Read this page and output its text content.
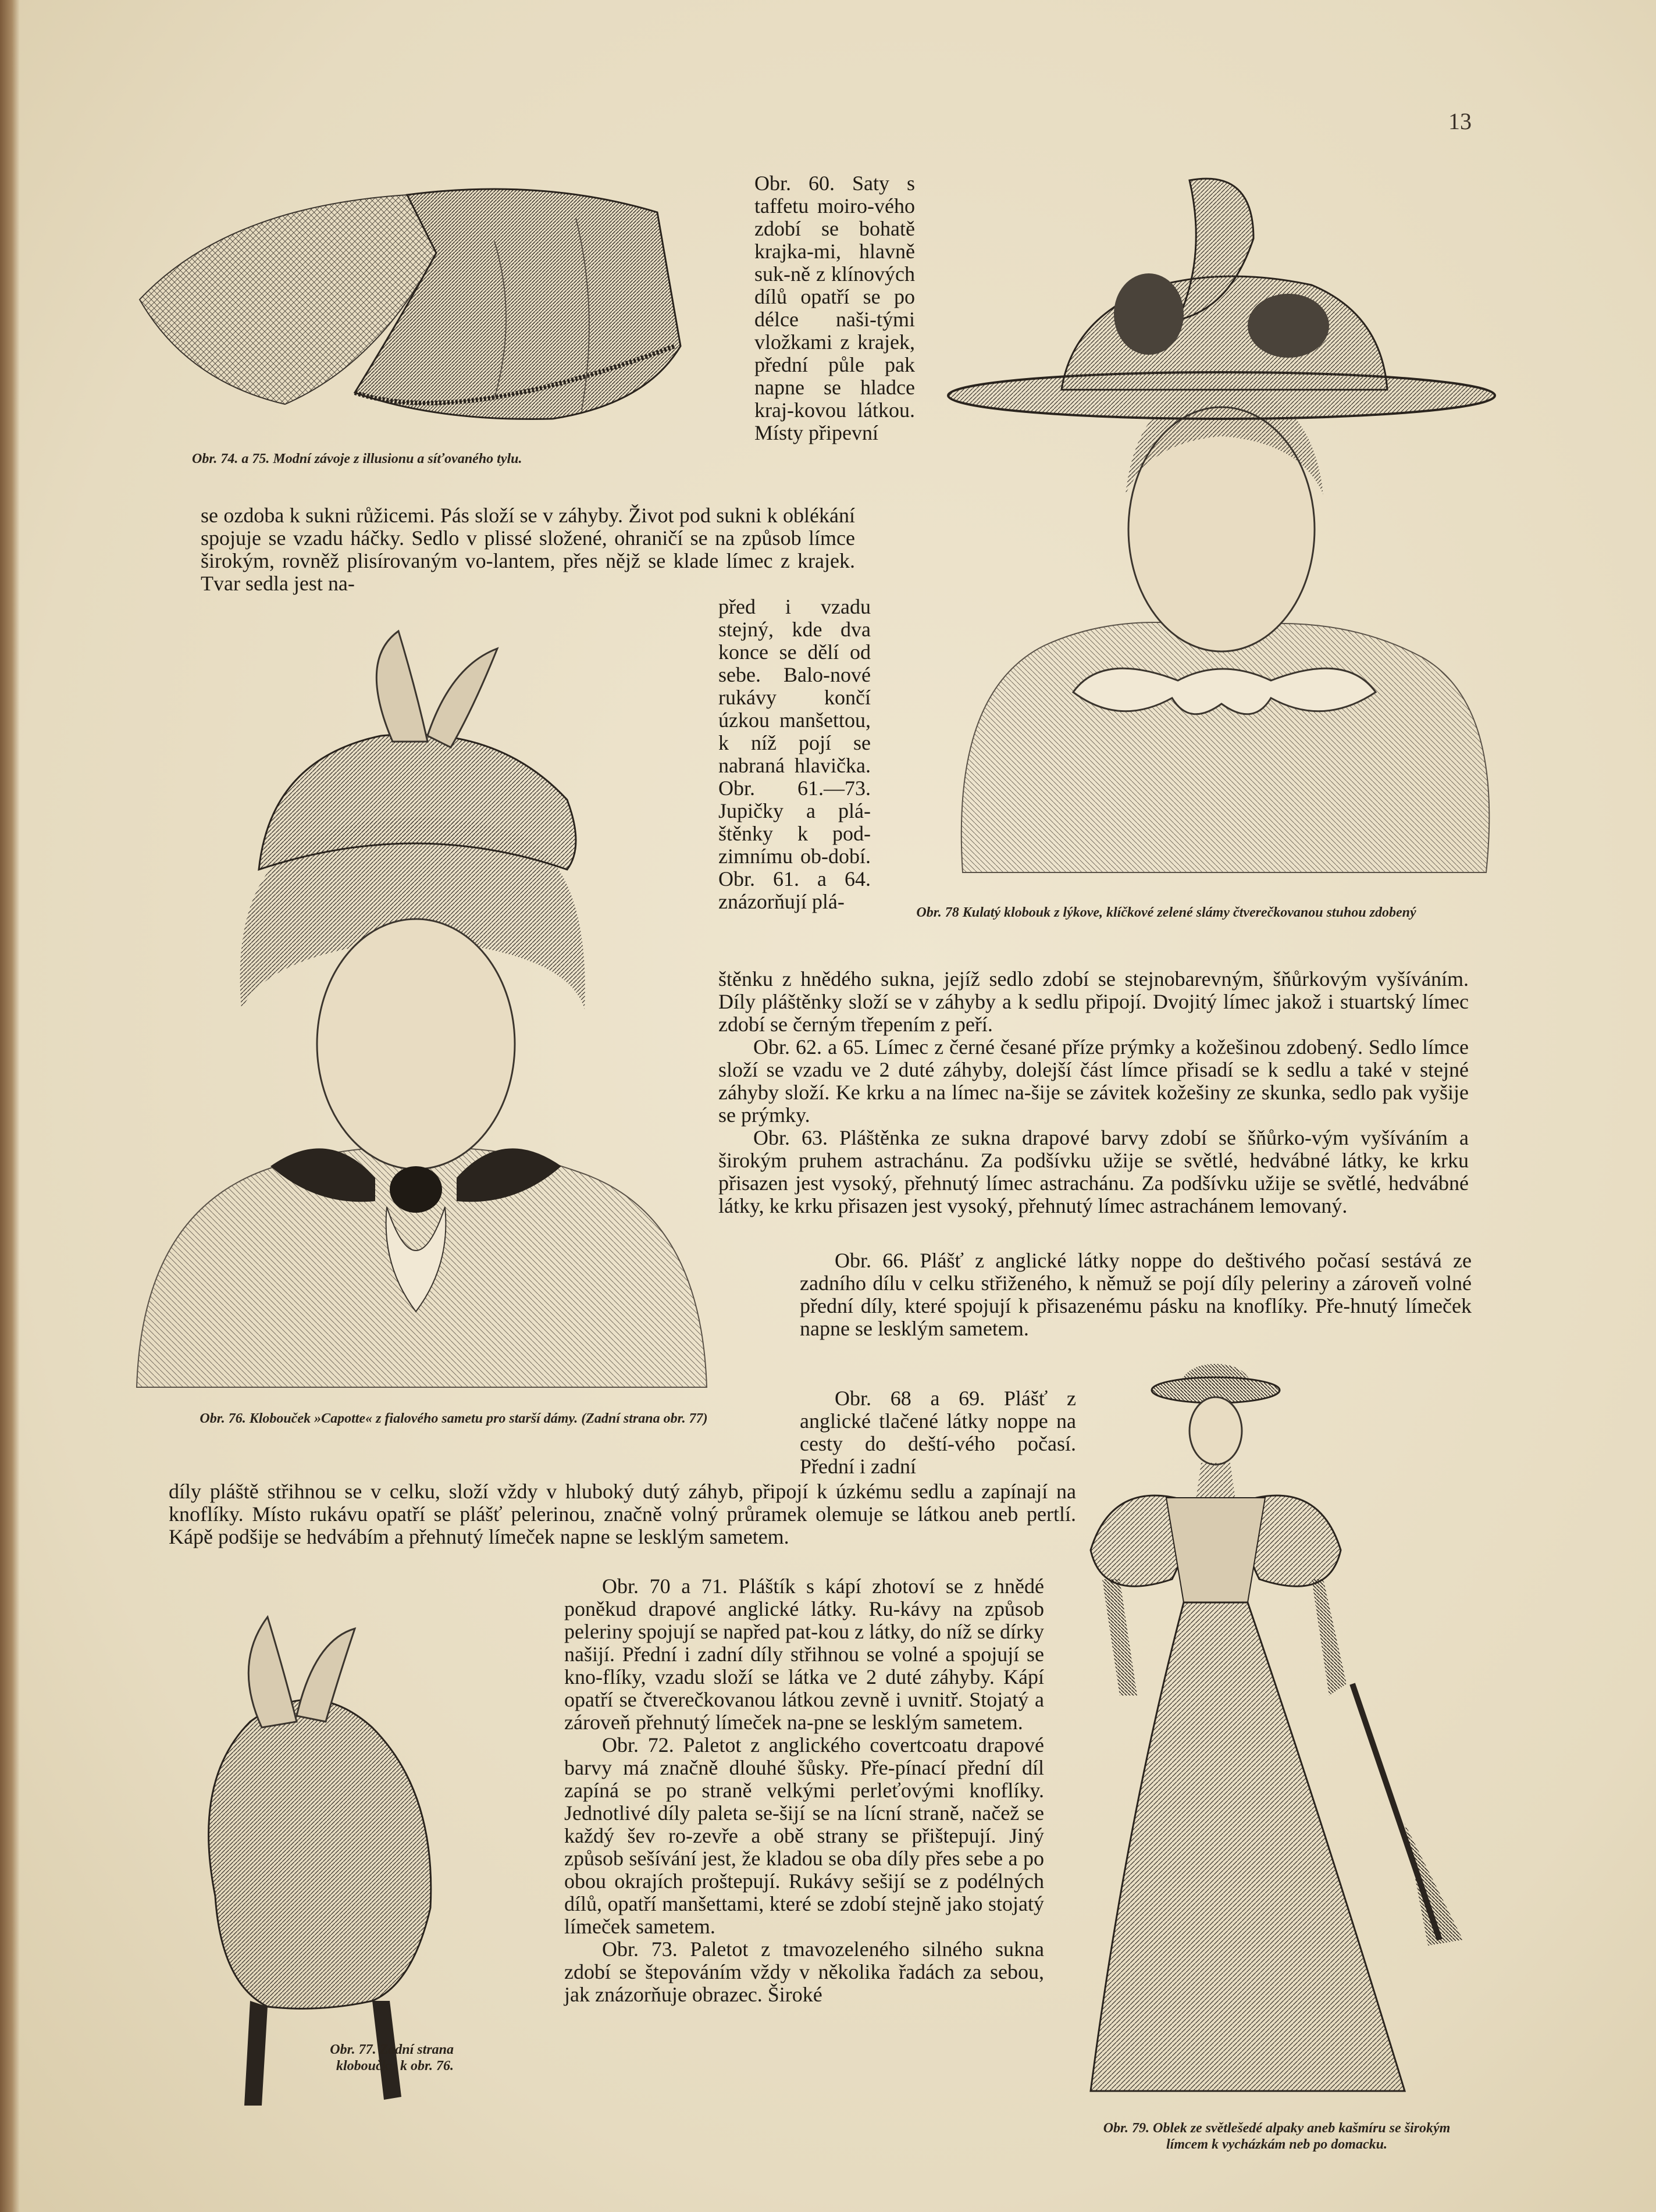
13
Obr. 74. a 75. Modní závoje z illusionu a síťovaného tylu.

Obr. 60. Saty s taffetu moiro-vého zdobí se bohatě krajka-mi, hlavně suk-ně z klínových dílů opatří se po délce naši-tými vložkami z krajek, přední půle pak napne se hladce kraj-kovou látkou. Místy připevní

Obr. 78 Kulatý klobouk z lýkove, klíčkové zelené slámy čtverečkovanou stuhou zdobený

se ozdoba k sukni růžicemi. Pás složí se v záhyby. Život pod sukni k oblékání spojuje se vzadu háčky. Sedlo v plissé složené, ohraničí se na způsob límce širokým, rovněž plisírovaným vo-lantem, přes nějž se klade límec z krajek. Tvar sedla jest na-

před i vzadu stejný, kde dva konce se dělí od sebe. Balo-nové rukávy končí úzkou manšettou, k níž pojí se nabraná hlavička. Obr. 61.—73. Jupičky a plá-štěnky k pod-zimnímu ob-dobí. Obr. 61. a 64. znázorňují plá-

štěnku z hnědého sukna, jejíž sedlo zdobí se stejnobarevným, šňůrkovým vyšíváním. Díly pláštěnky složí se v záhyby a k sedlu připojí. Dvojitý límec jakož i stuartský límec zdobí se černým třepením z peří.

Obr. 62. a 65. Límec z černé česané příze prýmky a kožešinou zdobený. Sedlo límce složí se vzadu ve 2 duté záhyby, dolejší část límce přisadí se k sedlu a také v stejné záhyby složí. Ke krku a na límec na-šije se závitek kožešiny ze skunka, sedlo pak vyšije se prýmky.

Obr. 63. Pláštěnka ze sukna drapové barvy zdobí se šňůrko-vým vyšíváním a širokým pruhem astrachánu. Za podšívku užije se světlé, hedvábné látky, ke krku přisazen jest vysoký, přehnutý límec astrachánu. Za podšívku užije se světlé, hedvábné látky, ke krku přisazen jest vysoký, přehnutý límec astrachánem lemovaný.

Obr. 76. Klobouček »Capotte« z fialového sametu pro starší dámy. (Zadní strana obr. 77)

Obr. 66. Plášť z anglické látky noppe do deštivého počasí sestává ze zadního dílu v celku střiženého, k němuž se pojí díly peleriny a zároveň volné přední díly, které spojují k přisazenému pásku na knoflíky. Pře-hnutý límeček napne se lesklým sametem.

Obr. 68 a 69. Plášť z anglické tlačené látky noppe na cesty do deští-vého počasí. Přední i zadní

Obr. 79. Oblek ze světlešedé alpaky aneb kašmíru se širokým límcem k vycházkám neb po domacku.

díly pláště střihnou se v celku, složí vždy v hluboký dutý záhyb, připojí k úzkému sedlu a zapínají na knoflíky. Místo rukávu opatří se plášť pelerinou, značně volný průramek olemuje se látkou aneb pertlí. Kápě podšije se hedvábím a přehnutý límeček napne se lesklým sametem.

Obr. 77. Zadní strana kloboučku k obr. 76.

Obr. 70 a 71. Pláštík s kápí zhotoví se z hnědé poněkud drapové anglické látky. Ru-kávy na způsob peleriny spojují se napřed pat-kou z látky, do níž se dírky našijí. Přední i zadní díly střihnou se volné a spojují se kno-flíky, vzadu složí se látka ve 2 duté záhyby. Kápí opatří se čtverečkovanou látkou zevně i uvnitř. Stojatý a zároveň přehnutý límeček na-pne se lesklým sametem.

Obr. 72. Paletot z anglického covertcoatu drapové barvy má značně dlouhé šůsky. Pře-pínací přední díl zapíná se po straně velkými perleťovými knoflíky. Jednotlivé díly paleta se-šijí se na lícní straně, načež se každý šev ro-zevře a obě strany se přištepují. Jiný způsob sešívání jest, že kladou se oba díly přes sebe a po obou okrajích proštepují. Rukávy sešijí se z podélných dílů, opatří manšettami, které se zdobí stejně jako stojatý límeček sametem.

Obr. 73. Paletot z tmavozeleného silného sukna zdobí se štepováním vždy v několika řadách za sebou, jak znázorňuje obrazec. Široké
